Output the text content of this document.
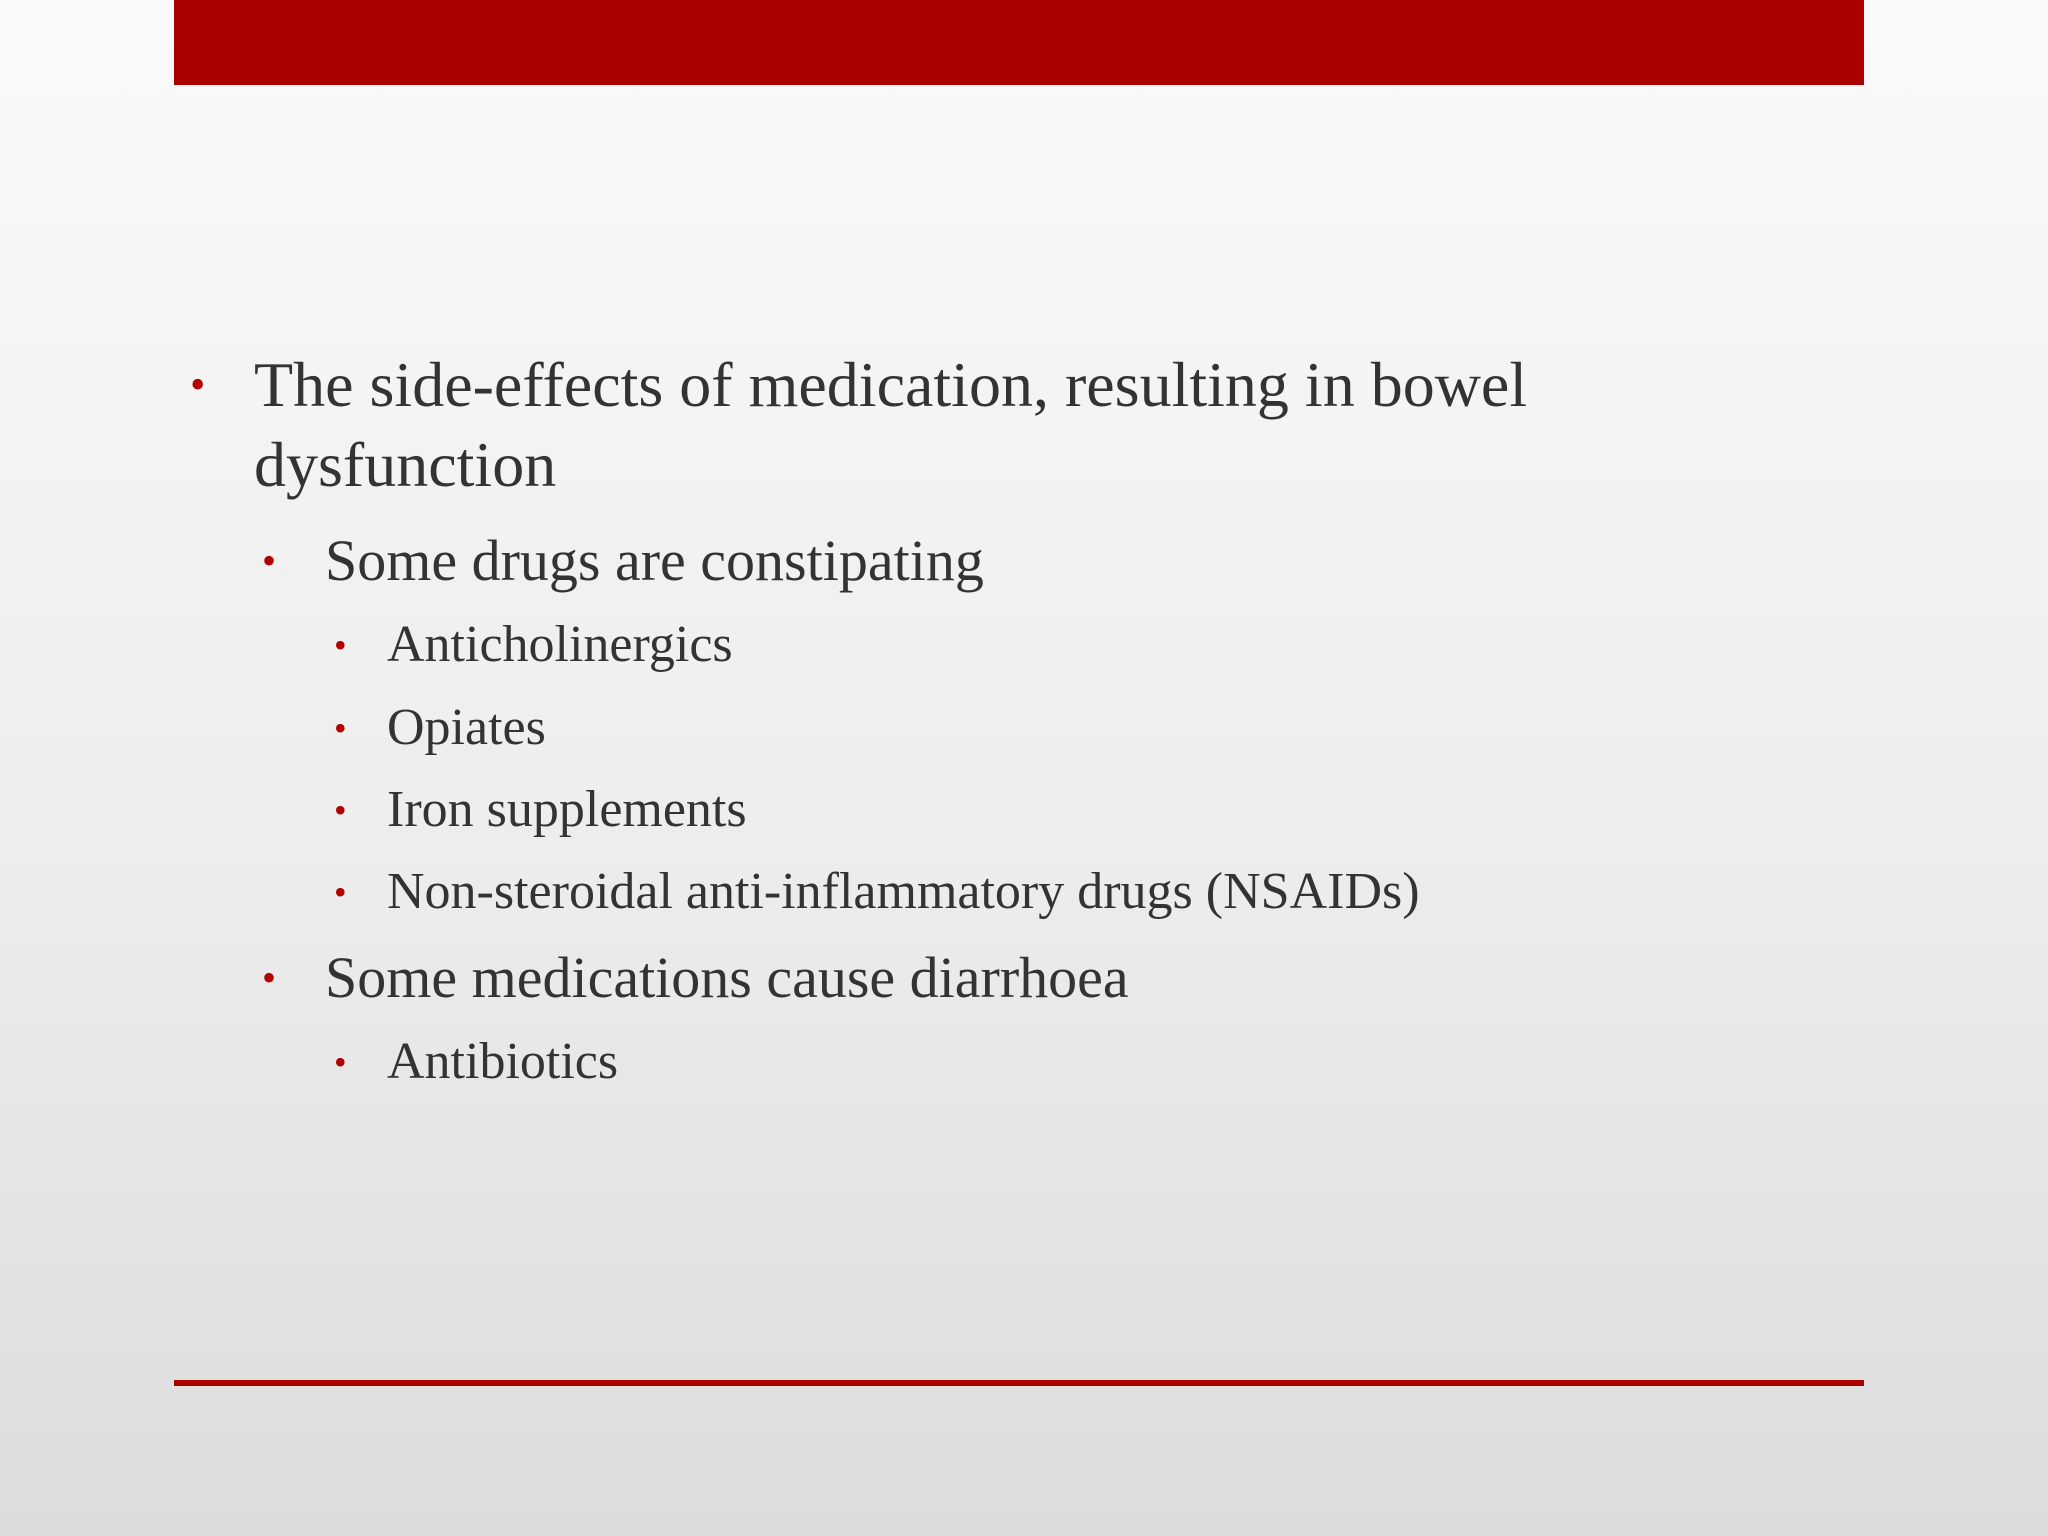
• The side-effects of medication, resulting in bowel
dysfunction
• Some drugs are constipating
• Anticholinergics
• Opiates
• Iron supplements
• Non-steroidal anti-inflammatory drugs (NSAIDs)
• Some medications cause diarrhoea
• Antibiotics
